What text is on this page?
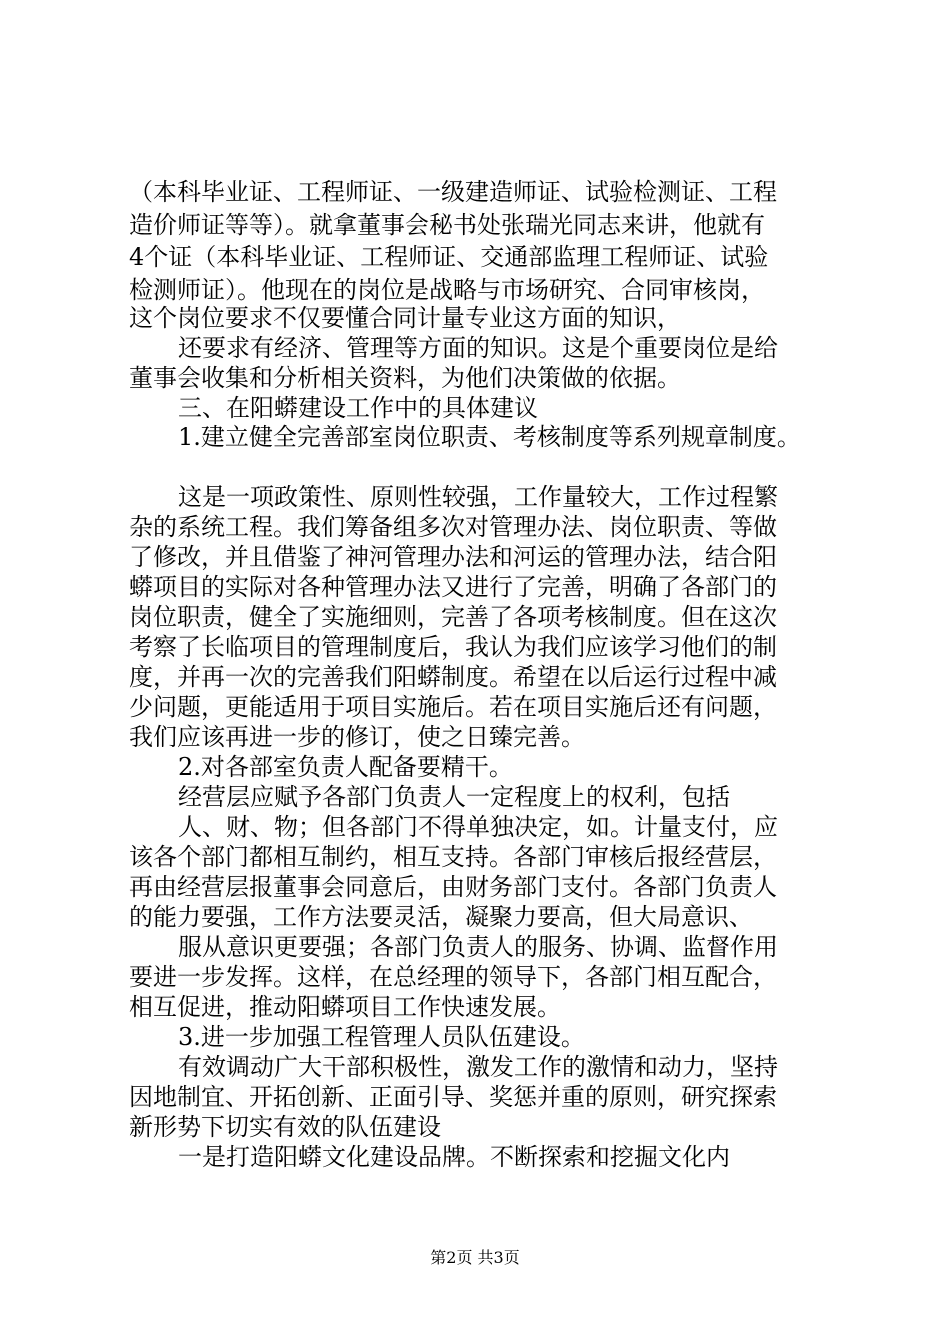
（本科毕业证、工程师证、一级建造师证、试验检测证、工程
造价师证等等）。就拿董事会秘书处张瑞光同志来讲，他就有
4个证（本科毕业证、工程师证、交通部监理工程师证、试验
检测师证）。他现在的岗位是战略与市场研究、合同审核岗，
这个岗位要求不仅要懂合同计量专业这方面的知识，
还要求有经济、管理等方面的知识。这是个重要岗位是给
董事会收集和分析相关资料，为他们决策做的依据。
三、在阳蟒建设工作中的具体建议
1.建立健全完善部室岗位职责、考核制度等系列规章制度。
这是一项政策性、原则性较强，工作量较大，工作过程繁
杂的系统工程。我们筹备组多次对管理办法、岗位职责、等做
了修改，并且借鉴了神河管理办法和河运的管理办法，结合阳
蟒项目的实际对各种管理办法又进行了完善，明确了各部门的
岗位职责，健全了实施细则，完善了各项考核制度。但在这次
考察了长临项目的管理制度后，我认为我们应该学习他们的制
度，并再一次的完善我们阳蟒制度。希望在以后运行过程中减
少问题，更能适用于项目实施后。若在项目实施后还有问题，
我们应该再进一步的修订，使之日臻完善。
2.对各部室负责人配备要精干。
经营层应赋予各部门负责人一定程度上的权利，包括
人、财、物；但各部门不得单独决定，如。计量支付，应
该各个部门都相互制约，相互支持。各部门审核后报经营层，
再由经营层报董事会同意后，由财务部门支付。各部门负责人
的能力要强，工作方法要灵活，凝聚力要高，但大局意识、
服从意识更要强；各部门负责人的服务、协调、监督作用
要进一步发挥。这样，在总经理的领导下，各部门相互配合，
相互促进，推动阳蟒项目工作快速发展。
3.进一步加强工程管理人员队伍建设。
有效调动广大干部积极性，激发工作的激情和动力，坚持
因地制宜、开拓创新、正面引导、奖惩并重的原则，研究探索
新形势下切实有效的队伍建设
一是打造阳蟒文化建设品牌。不断探索和挖掘文化内
第2页 共3页
